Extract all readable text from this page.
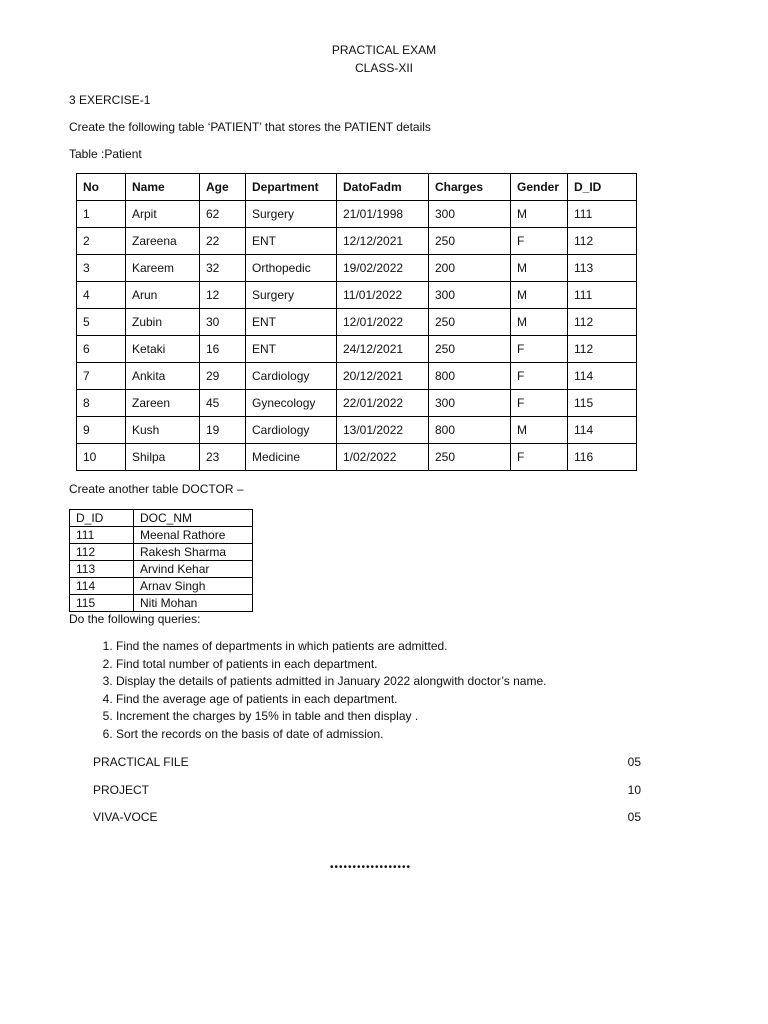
PRACTICAL EXAM
CLASS-XII
3 EXERCISE-1
Create the following table ‘PATIENT’ that stores the PATIENT details
Table :Patient
No	Name	Age	Department	DatoFadm	Charges	Gender	D_ID
1	Arpit	62	Surgery	21/01/1998	300	M	111
2	Zareena	22	ENT	12/12/2021	250	F	112
3	Kareem	32	Orthopedic	19/02/2022	200	M	113
4	Arun	12	Surgery	11/01/2022	300	M	111
5	Zubin	30	ENT	12/01/2022	250	M	112
6	Ketaki	16	ENT	24/12/2021	250	F	112
7	Ankita	29	Cardiology	20/12/2021	800	F	114
8	Zareen	45	Gynecology	22/01/2022	300	F	115
9	Kush	19	Cardiology	13/01/2022	800	M	114
10	Shilpa	23	Medicine	1/02/2022	250	F	116
Create another table DOCTOR –
D_ID	DOC_NM
111	Meenal Rathore
112	Rakesh Sharma
113	Arvind Kehar
114	Arnav Singh
115	Niti Mohan
Do the following queries:
1. Find the names of departments in which patients are admitted.
2. Find total number of patients in each department.
3. Display the details of patients admitted in January 2022 alongwith doctor’s name.
4. Find the average age of patients in each department.
5. Increment the charges by 15% in table and then display .
6. Sort the records on the basis of date of admission.
PRACTICAL FILE	05
PROJECT	10
VIVA-VOCE	05
••••••••••••••••••
